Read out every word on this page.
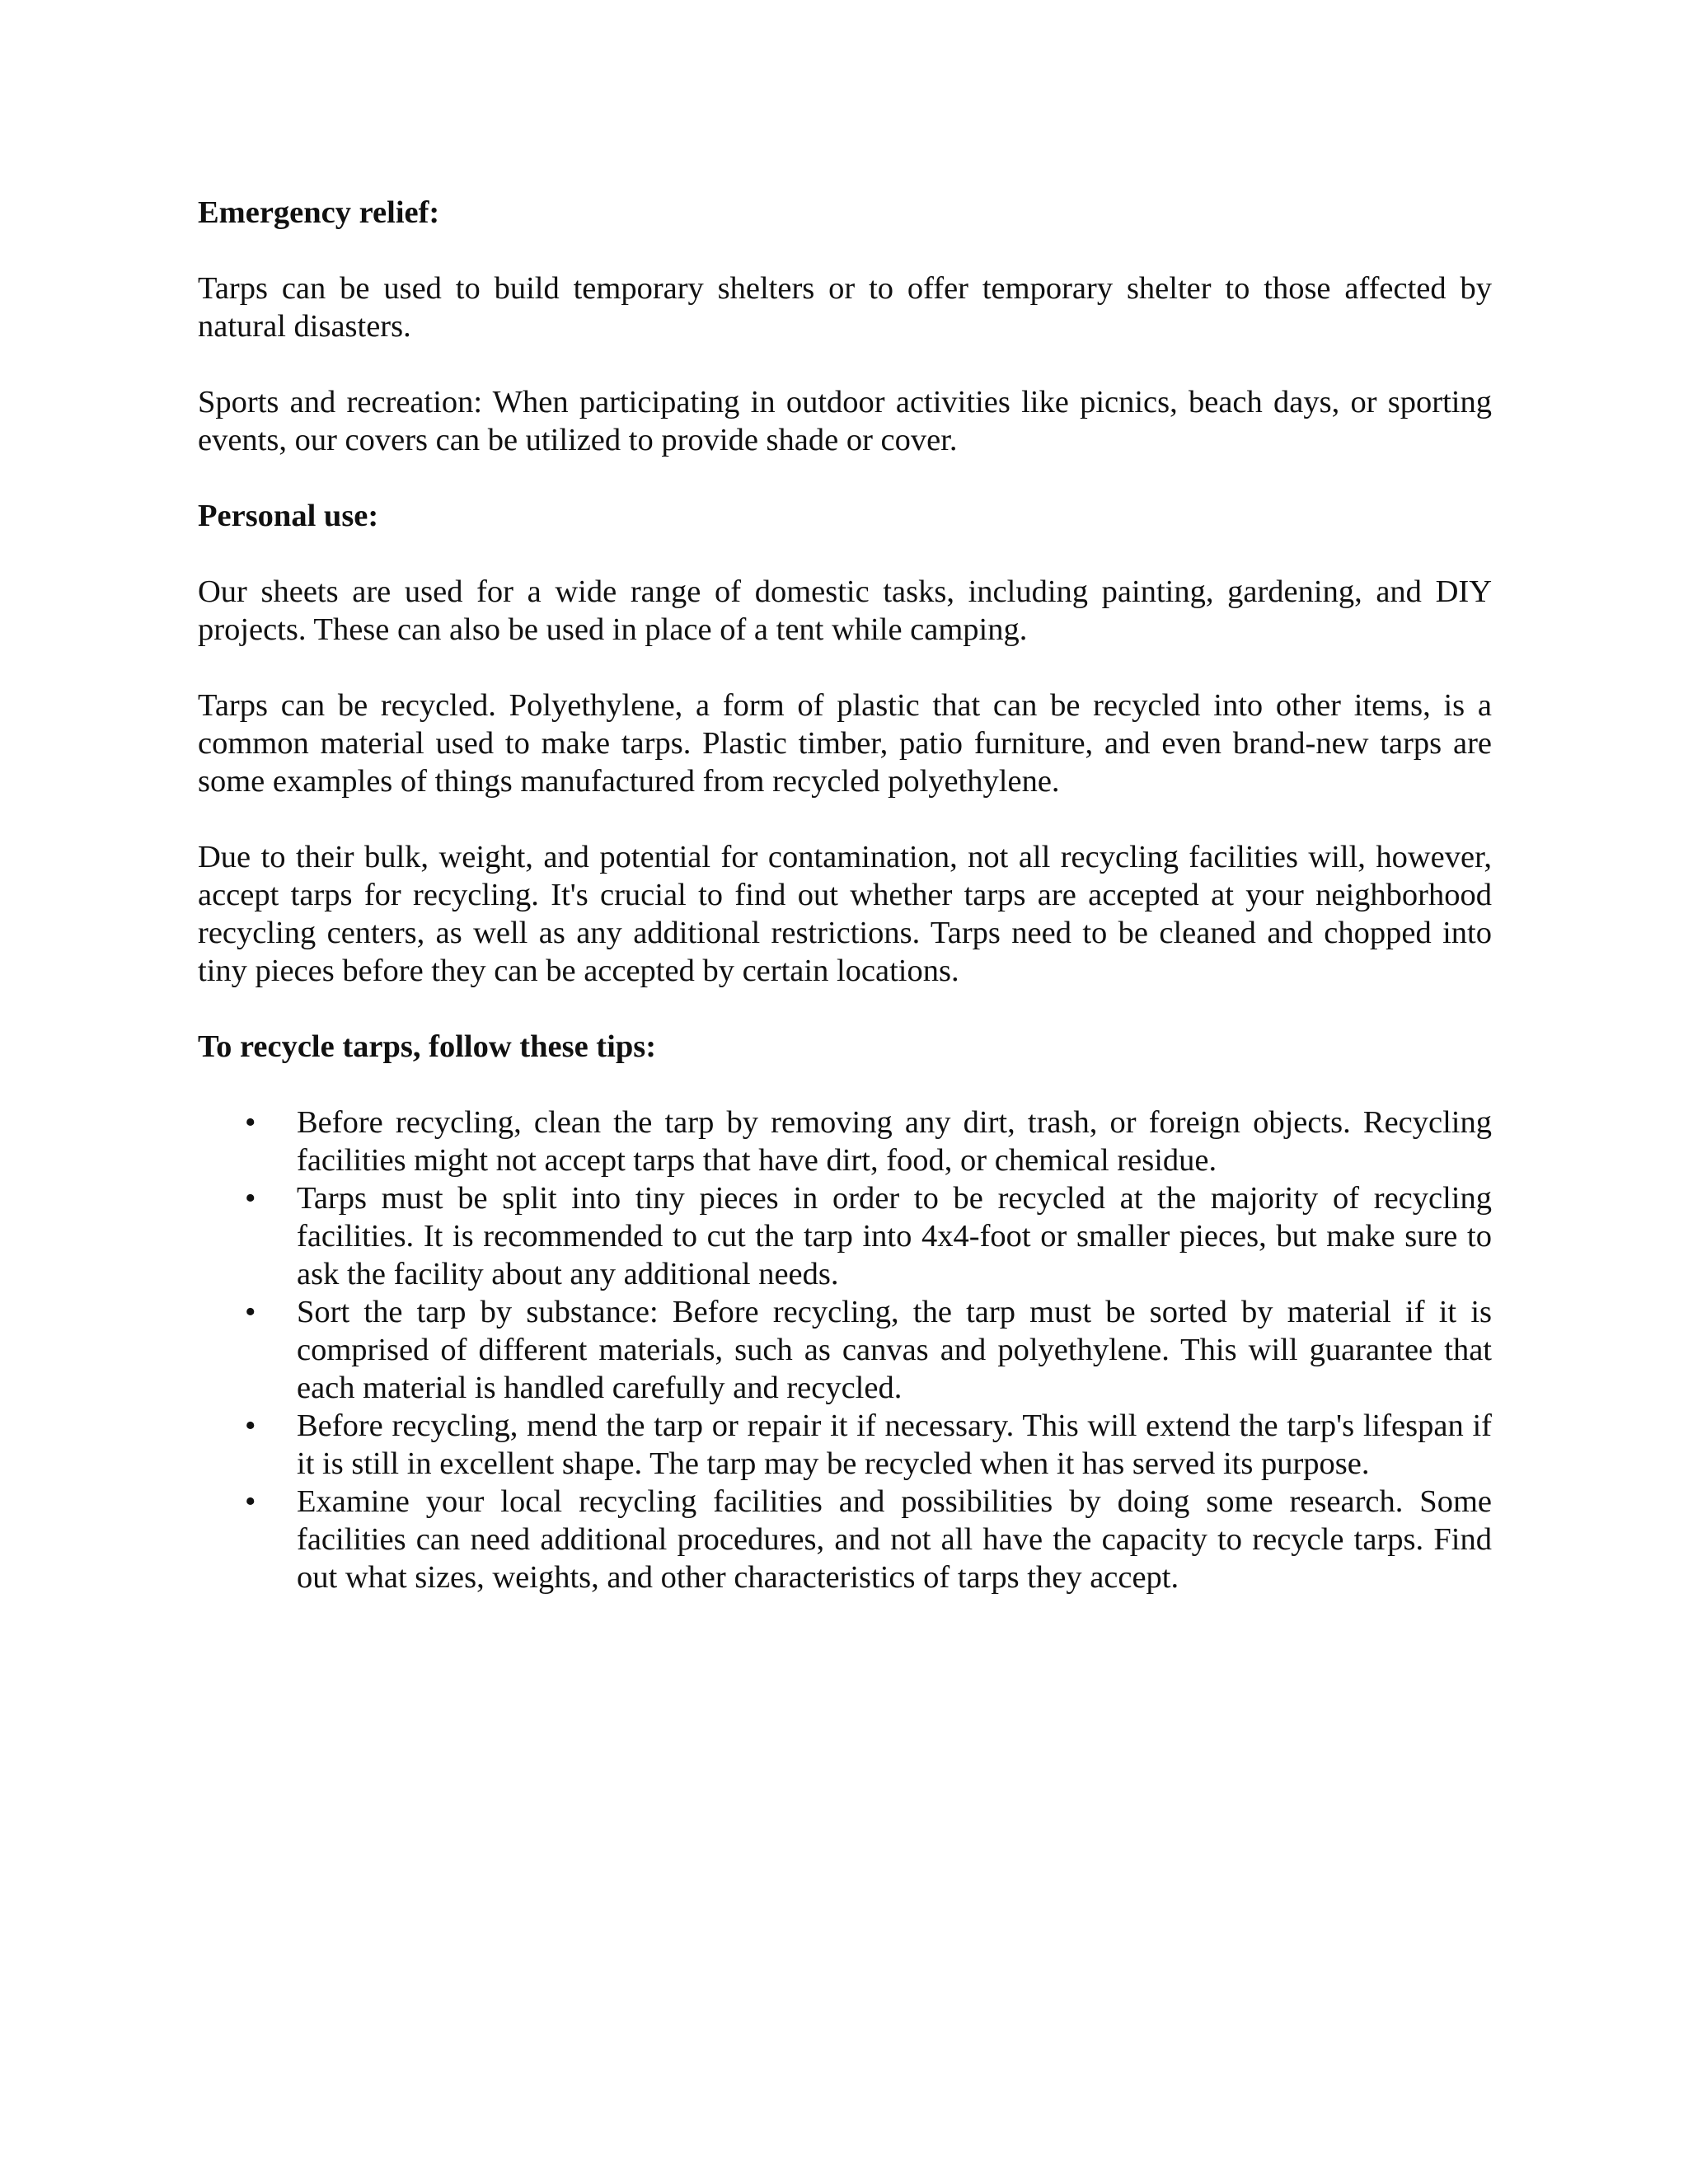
Emergency relief:

Tarps can be used to build temporary shelters or to offer temporary shelter to those affected by natural disasters.

Sports and recreation: When participating in outdoor activities like picnics, beach days, or sporting events, our covers can be utilized to provide shade or cover.

Personal use:

Our sheets are used for a wide range of domestic tasks, including painting, gardening, and DIY projects. These can also be used in place of a tent while camping.

Tarps can be recycled. Polyethylene, a form of plastic that can be recycled into other items, is a common material used to make tarps. Plastic timber, patio furniture, and even brand-new tarps are some examples of things manufactured from recycled polyethylene.

Due to their bulk, weight, and potential for contamination, not all recycling facilities will, however, accept tarps for recycling. It's crucial to find out whether tarps are accepted at your neighborhood recycling centers, as well as any additional restrictions. Tarps need to be cleaned and chopped into tiny pieces before they can be accepted by certain locations.

To recycle tarps, follow these tips:
• Before recycling, clean the tarp by removing any dirt, trash, or foreign objects. Recycling facilities might not accept tarps that have dirt, food, or chemical residue.
• Tarps must be split into tiny pieces in order to be recycled at the majority of recycling facilities. It is recommended to cut the tarp into 4x4-foot or smaller pieces, but make sure to ask the facility about any additional needs.
• Sort the tarp by substance: Before recycling, the tarp must be sorted by material if it is comprised of different materials, such as canvas and polyethylene. This will guarantee that each material is handled carefully and recycled.
• Before recycling, mend the tarp or repair it if necessary. This will extend the tarp's lifespan if it is still in excellent shape. The tarp may be recycled when it has served its purpose.
• Examine your local recycling facilities and possibilities by doing some research. Some facilities can need additional procedures, and not all have the capacity to recycle tarps. Find out what sizes, weights, and other characteristics of tarps they accept.
